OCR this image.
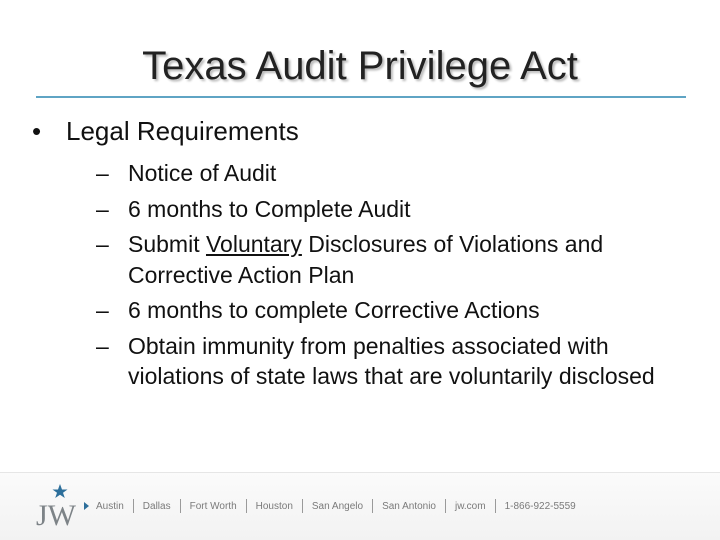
Texas Audit Privilege Act
• Legal Requirements
– Notice of Audit
– 6 months to Complete Audit
– Submit Voluntary Disclosures of Violations and Corrective Action Plan
– 6 months to complete Corrective Actions
– Obtain immunity from penalties associated with violations of state laws that are voluntarily disclosed
JW Austin Dallas Fort Worth Houston San Angelo San Antonio jw.com 1-866-922-5559
